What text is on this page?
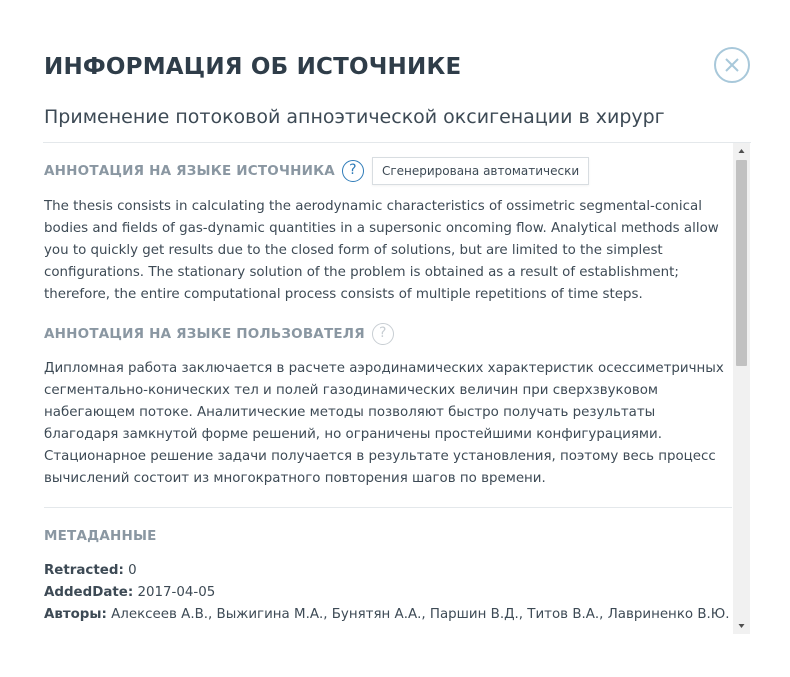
ИНФОРМАЦИЯ ОБ ИСТОЧНИКЕ
Применение потоковой апноэтической оксигенации в хирург
АННОТАЦИЯ НА ЯЗЫКЕ ИСТОЧНИКА	?	Сгенерирована автоматически

The thesis consists in calculating the aerodynamic characteristics of ossimetric segmental-conical bodies and fields of gas-dynamic quantities in a supersonic oncoming flow. Analytical methods allow you to quickly get results due to the closed form of solutions, but are limited to the simplest configurations. The stationary solution of the problem is obtained as a result of establishment; therefore, the entire computational process consists of multiple repetitions of time steps.

АННОТАЦИЯ НА ЯЗЫКЕ ПОЛЬЗОВАТЕЛЯ	?

Дипломная работа заключается в расчете аэродинамических характеристик осессиметричных сегментально-конических тел и полей газодинамических величин при сверхзвуковом набегающем потоке. Аналитические методы позволяют быстро получать результаты благодаря замкнутой форме решений, но ограничены простейшими конфигурациями. Стационарное решение задачи получается в результате установления, поэтому весь процесс вычислений состоит из многократного повторения шагов по времени.

МЕТАДАННЫЕ
Retracted: 0
AddedDate: 2017-04-05
Авторы: Алексеев А.В., Выжигина М.А., Бунятян А.А., Паршин В.Д., Титов В.А., Лавриненко В.Ю.
